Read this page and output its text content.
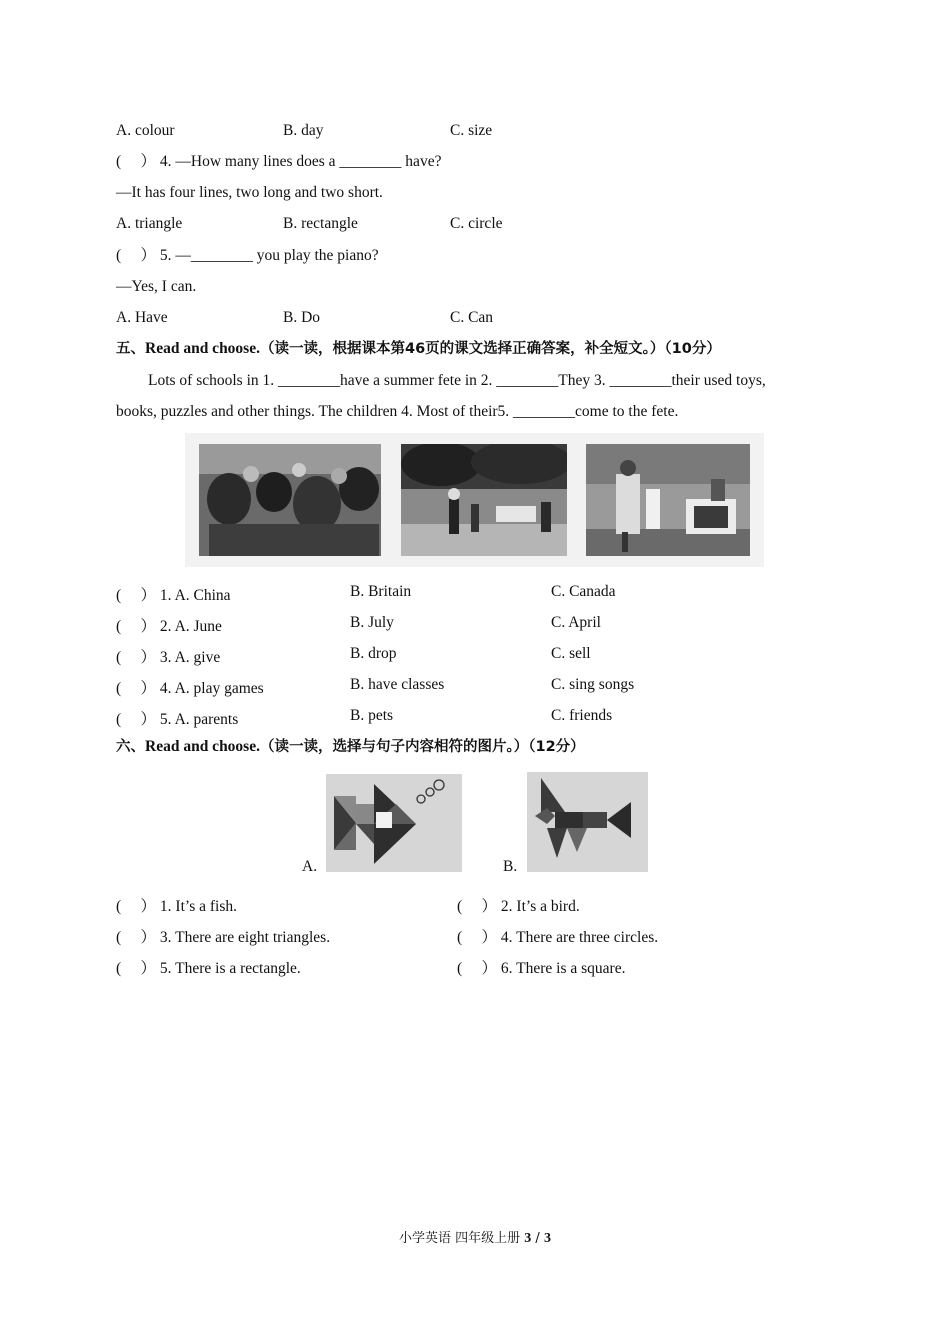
A. colour	B. day	C. size
(　 ） 4. —How many lines does a ________ have?
—It has four lines, two long and two short.
A. triangle	B. rectangle	C. circle
(　 ） 5. —________ you play the piano?
—Yes, I can.
A. Have	B. Do	C. Can
五、Read and choose.（读一读，根据课本第46页的课文选择正确答案，补全短文。）（10分）

Lots of schools in 1. ________have a summer fete in 2. ________They 3. ________their used toys,

books, puzzles and other things. The children 4. Most of their5. ________come to the fete.
(　 ） 1. A. China	B. Britain	C. Canada
(　 ） 2. A. June	B. July	C. April
(　 ） 3. A. give	B. drop	C. sell
(　 ） 4. A. play games	B. have classes	C. sing songs
(　 ） 5. A. parents	B. pets	C. friends
六、Read and choose.（读一读，选择与句子内容相符的图片。）（12分）
A.	B.
(　 ） 1. It’s a fish.	(　 ） 2. It’s a bird.
(　 ） 3. There are eight triangles.	(　 ） 4. There are three circles.
(　 ） 5. There is a rectangle.	(　 ） 6. There is a square.
小学英语 四年级上册 3 / 3
